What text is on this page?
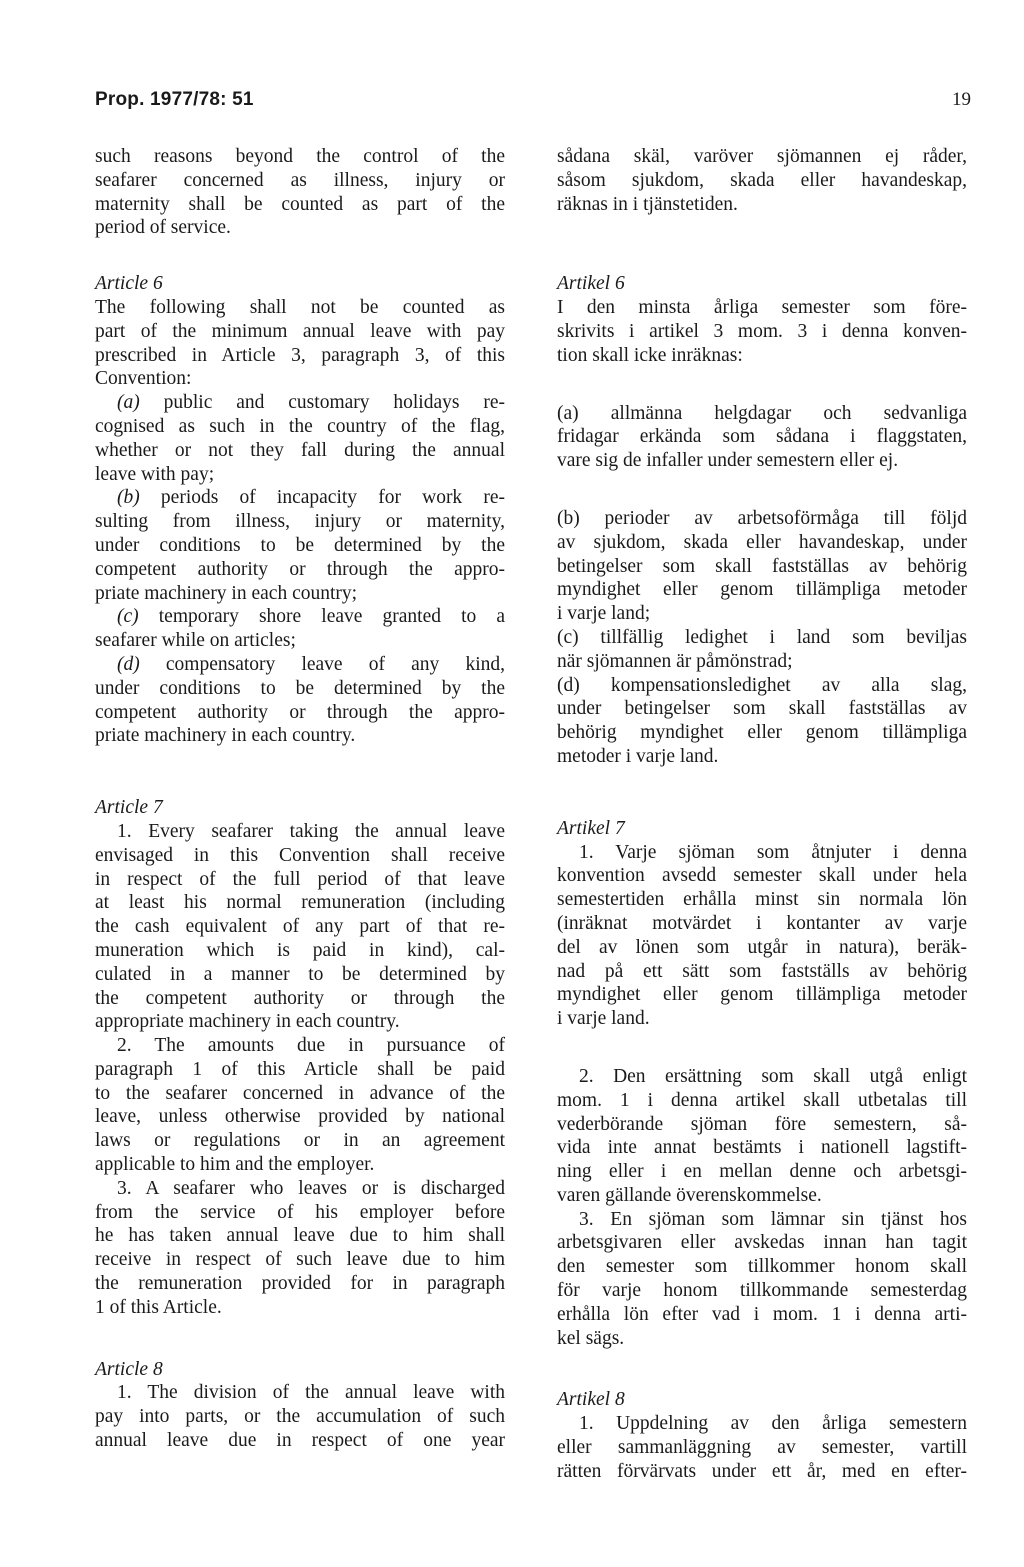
Prop. 1977/78: 51	19
such reasons beyond the control of the
seafarer concerned as illness, injury or
maternity shall be counted as part of the
period of service.
Article 6
The following shall not be counted as
part of the minimum annual leave with pay
prescribed in Article 3, paragraph 3, of this
Convention:
(a) public and customary holidays re-
cognised as such in the country of the flag,
whether or not they fall during the annual
leave with pay;
(b) periods of incapacity for work re-
sulting from illness, injury or maternity,
under conditions to be determined by the
competent authority or through the appro-
priate machinery in each country;
(c) temporary shore leave granted to a
seafarer while on articles;
(d) compensatory leave of any kind,
under conditions to be determined by the
competent authority or through the appro-
priate machinery in each country.
Article 7
1. Every seafarer taking the annual leave
envisaged in this Convention shall receive
in respect of the full period of that leave
at least his normal remuneration (including
the cash equivalent of any part of that re-
muneration which is paid in kind), cal-
culated in a manner to be determined by
the competent authority or through the
appropriate machinery in each country.
2. The amounts due in pursuance of
paragraph 1 of this Article shall be paid
to the seafarer concerned in advance of the
leave, unless otherwise provided by national
laws or regulations or in an agreement
applicable to him and the employer.
3. A seafarer who leaves or is discharged
from the service of his employer before
he has taken annual leave due to him shall
receive in respect of such leave due to him
the remuneration provided for in paragraph
1 of this Article.
Article 8
1. The division of the annual leave with
pay into parts, or the accumulation of such
annual leave due in respect of one year
sådana skäl, varöver sjömannen ej råder,
såsom sjukdom, skada eller havandeskap,
räknas in i tjänstetiden.
Artikel 6
I den minsta årliga semester som före-
skrivits i artikel 3 mom. 3 i denna konven-
tion skall icke inräknas:
(a) allmänna helgdagar och sedvanliga
fridagar erkända som sådana i flaggstaten,
vare sig de infaller under semestern eller ej.
(b) perioder av arbetsoförmåga till följd
av sjukdom, skada eller havandeskap, under
betingelser som skall fastställas av behörig
myndighet eller genom tillämpliga metoder
i varje land;
(c) tillfällig ledighet i land som beviljas
när sjömannen är påmönstrad;
(d) kompensationsledighet av alla slag,
under betingelser som skall fastställas av
behörig myndighet eller genom tillämpliga
metoder i varje land.
Artikel 7
1. Varje sjöman som åtnjuter i denna
konvention avsedd semester skall under hela
semestertiden erhålla minst sin normala lön
(inräknat motvärdet i kontanter av varje
del av lönen som utgår in natura), beräk-
nad på ett sätt som fastställs av behörig
myndighet eller genom tillämpliga metoder
i varje land.
2. Den ersättning som skall utgå enligt
mom. 1 i denna artikel skall utbetalas till
vederbörande sjöman före semestern, så-
vida inte annat bestämts i nationell lagstift-
ning eller i en mellan denne och arbetsgi-
varen gällande överenskommelse.
3. En sjöman som lämnar sin tjänst hos
arbetsgivaren eller avskedas innan han tagit
den semester som tillkommer honom skall
för varje honom tillkommande semesterdag
erhålla lön efter vad i mom. 1 i denna arti-
kel sägs.
Artikel 8
1. Uppdelning av den årliga semestern
eller sammanläggning av semester, vartill
rätten förvärvats under ett år, med en efter-
